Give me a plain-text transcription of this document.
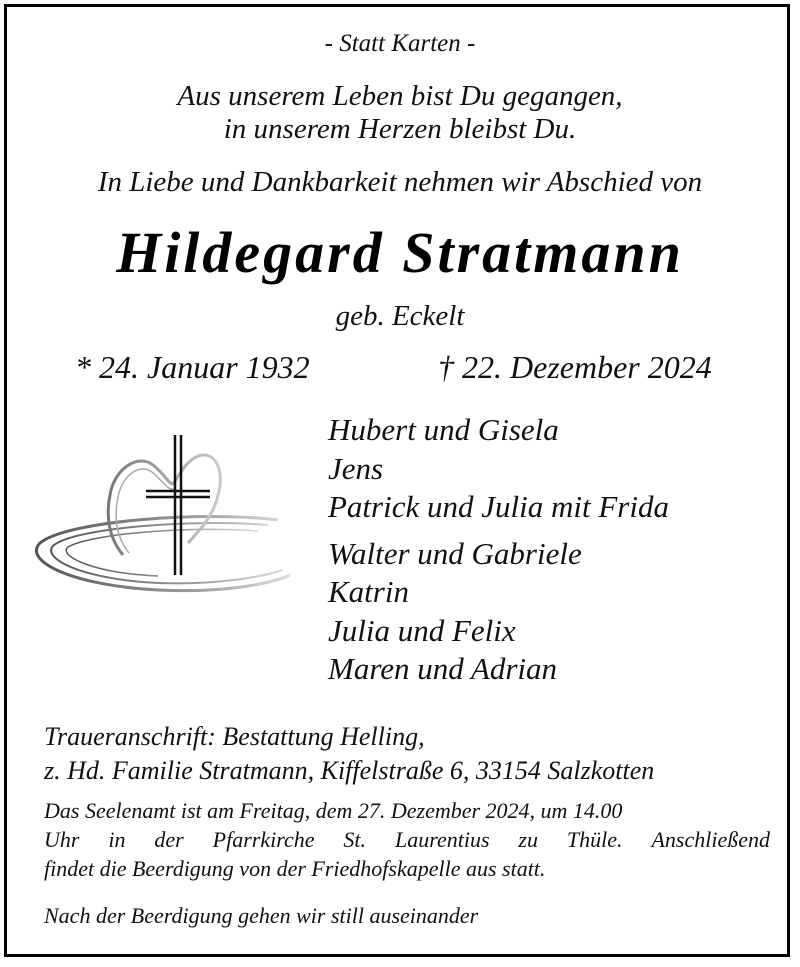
- Statt Karten -
Aus unserem Leben bist Du gegangen,
in unserem Herzen bleibst Du.
In Liebe und Dankbarkeit nehmen wir Abschied von
Hildegard Stratmann
geb. Eckelt
* 24. Januar 1932	† 22. Dezember 2024
Hubert und Gisela
Jens
Patrick und Julia mit Frida
Walter und Gabriele
Katrin
Julia und Felix
Maren und Adrian
Traueranschrift: Bestattung Helling,
z. Hd. Familie Stratmann, Kiffelstraße 6, 33154 Salzkotten
Das Seelenamt ist am Freitag, dem 27. Dezember 2024, um 14.00
Uhr in der Pfarrkirche St. Laurentius zu Thüle. Anschließend
findet die Beerdigung von der Friedhofskapelle aus statt.
Nach der Beerdigung gehen wir still auseinander
